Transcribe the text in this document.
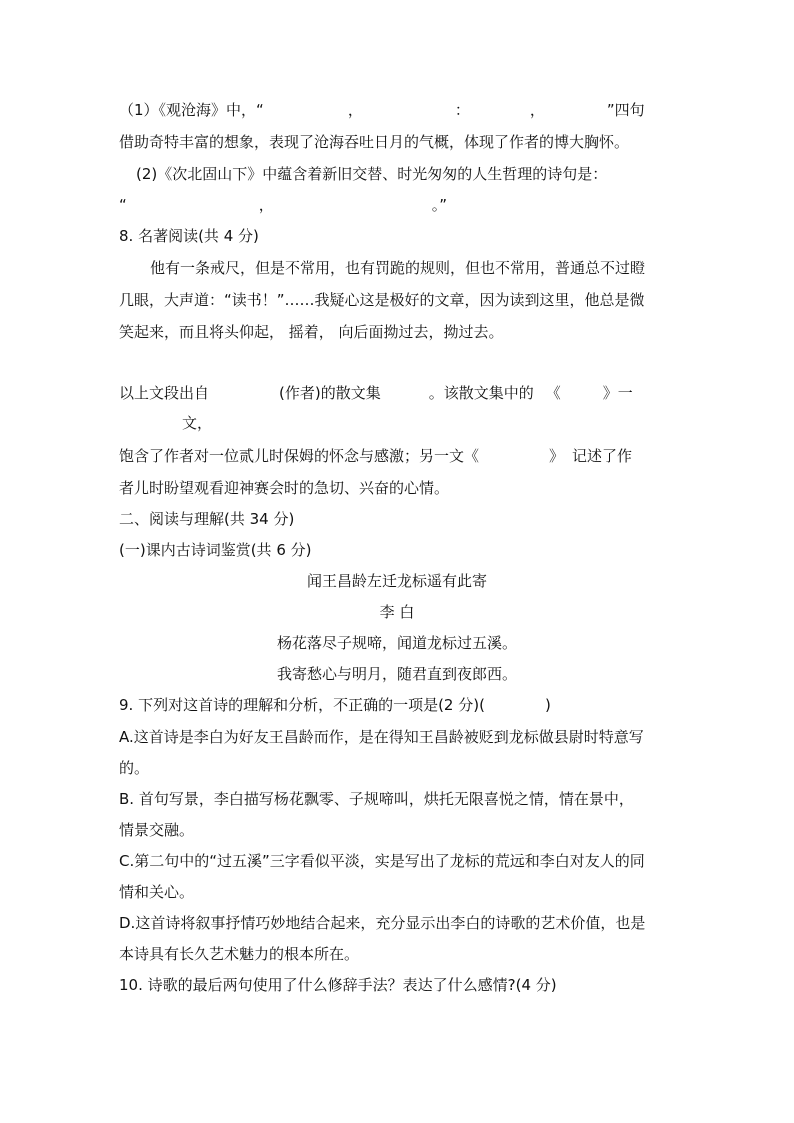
（1）《观沧海》中，“	，	：	，	”四句
借助奇特丰富的想象，表现了沧海吞吐日月的气概，体现了作者的博大胸怀。
(2)《次北固山下》中蕴含着新旧交替、时光匆匆的人生哲理的诗句是：
“	，	。”
8. 名著阅读(共 4 分)
他有一条戒尺，但是不常用，也有罚跪的规则，但也不常用，普通总不过瞪
几眼，大声道：“读书！”……我疑心这是极好的文章，因为读到这里，他总是微
笑起来，而且将头仰起， 摇着， 向后面拗过去，拗过去。
以上文段出自	(作者)的散文集	。该散文集中的 《	》一
文，
饱含了作者对一位贰儿时保姆的怀念与感激；另一文《	》 记述了作
者儿时盼望观看迎神赛会时的急切、兴奋的心情。
二、阅读与理解(共 34 分)
(一)课内古诗词鉴赏(共 6 分)
闻王昌龄左迁龙标遥有此寄
李 白
杨花落尽子规啼，闻道龙标过五溪。
我寄愁心与明月，随君直到夜郎西。
9. 下列对这首诗的理解和分析，不正确的一项是(2 分)(	)
A.这首诗是李白为好友王昌龄而作，是在得知王昌龄被贬到龙标做县尉时特意写
的。
B. 首句写景，李白描写杨花飘零、子规啼叫，烘托无限喜悦之情，情在景中，
情景交融。
C.第二句中的“过五溪”三字看似平淡，实是写出了龙标的荒远和李白对友人的同
情和关心。
D.这首诗将叙事抒情巧妙地结合起来，充分显示出李白的诗歌的艺术价值，也是
本诗具有长久艺术魅力的根本所在。
10. 诗歌的最后两句使用了什么修辞手法？表达了什么感情?(4 分)
